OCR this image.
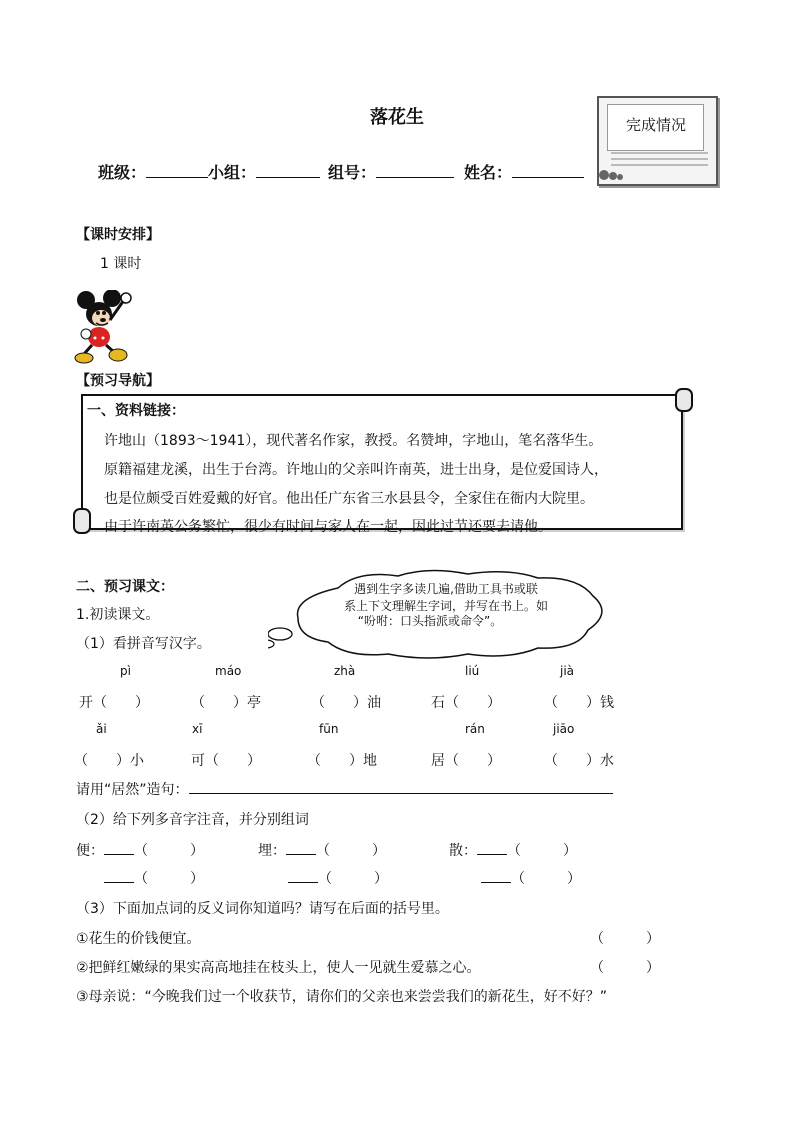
落花生	完成情况
班级：	小组：	组号：	姓名：
【课时安排】
1 课时
【预习导航】
一、资料链接：
许地山（1893～1941），现代著名作家，教授。名赞坤，字地山，笔名落华生。
原籍福建龙溪，出生于台湾。许地山的父亲叫许南英，进士出身，是位爱国诗人，
也是位颇受百姓爱戴的好官。他出任广东省三水县县令，全家住在衙内大院里。
由于许南英公务繁忙，很少有时间与家人在一起，因此过节还要去请他。
二、预习课文：	遇到生字多读几遍,借助工具书或联
系上下文理解生字词，并写在书上。如
“吩咐：口头指派或命令”。
1.初读课文。
（1）看拼音写汉字。
pì	máo	zhà	liú	jià
开（　　）	（　　）亭	（　　）油	石（　　）	（　　）钱
ǎi	xī	fūn	rán	jiāo
（　　）小	可（　　）	（　　）地	居（　　）	（　　）水
请用“居然”造句：
（2）给下列多音字注音，并分别组词
便： （　　　）	埋： （　　　）	散： （　　　）
（　　　）	（　　　）	（　　　）
（3）下面加点词的反义词你知道吗？请写在后面的括号里。
①花生的价钱便宜。	（　　　）
②把鲜红嫩绿的果实高高地挂在枝头上，使人一见就生爱慕之心。	（　　　）
③母亲说：“今晚我们过一个收获节，请你们的父亲也来尝尝我们的新花生，好不好？”
